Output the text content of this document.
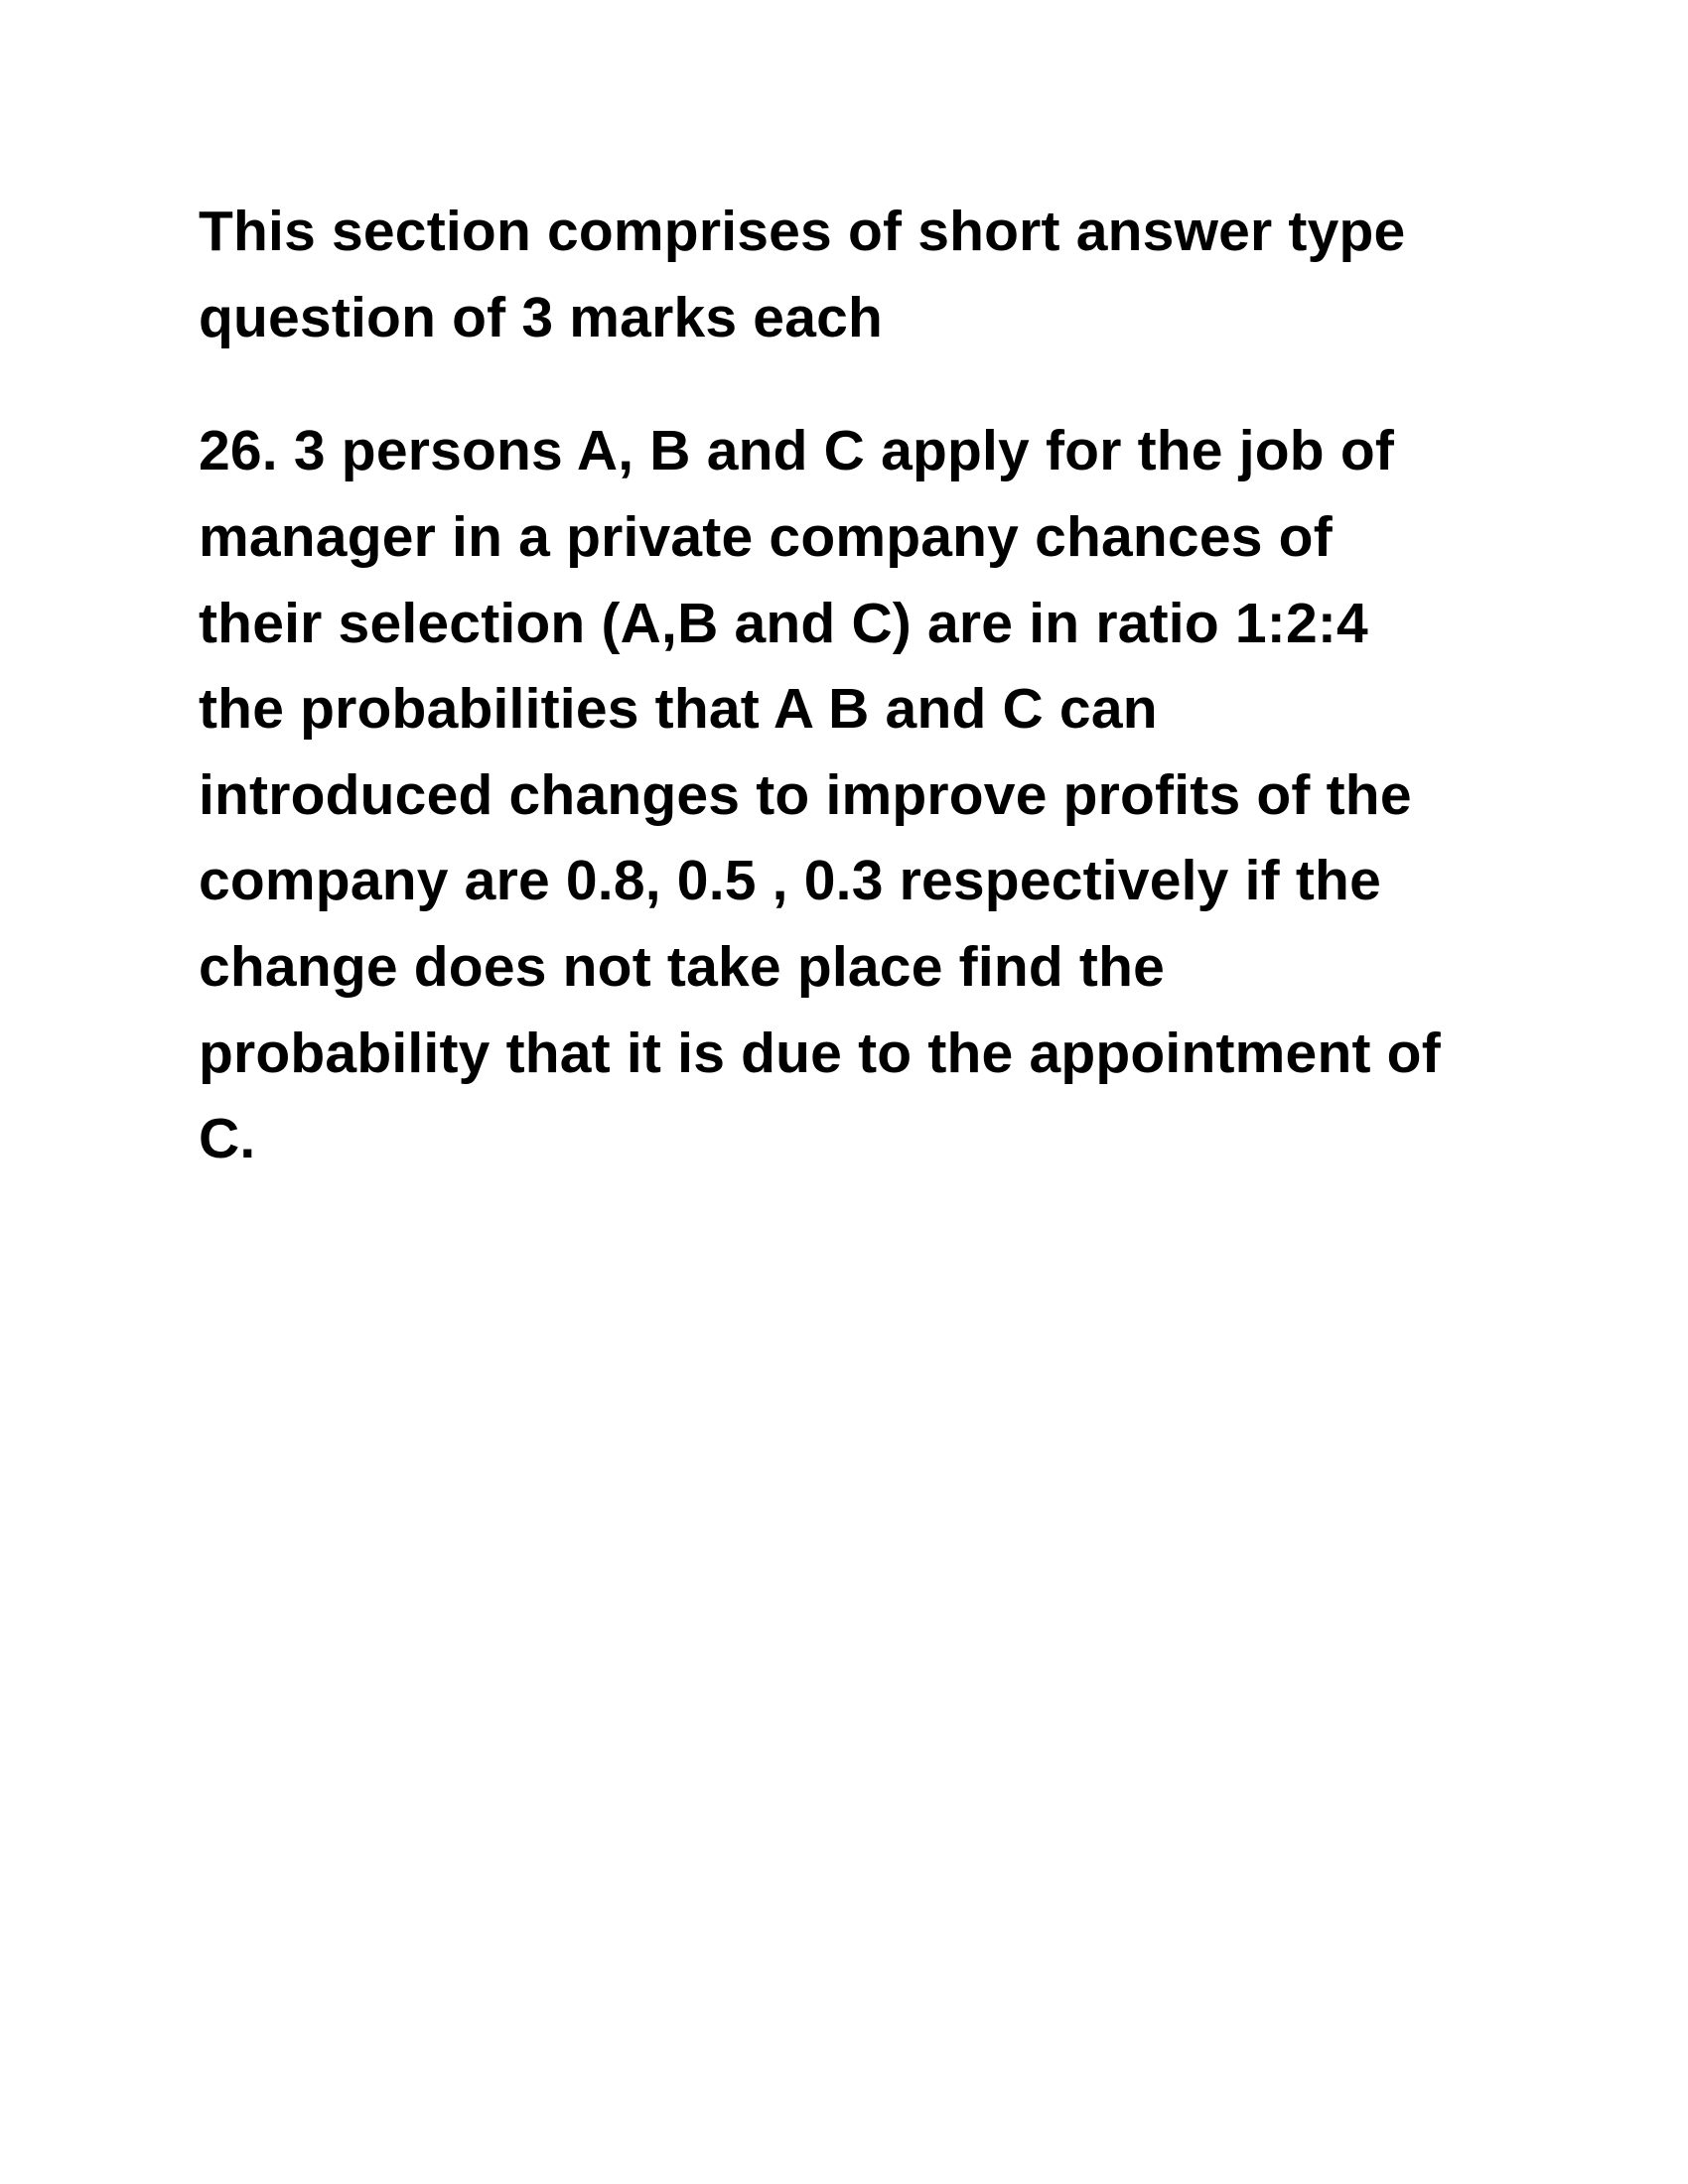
This section comprises of short answer type question of 3 marks each

26. 3 persons A, B and C apply for the job of manager in a private company chances of their selection (A,B and C) are in ratio 1:2:4 the probabilities that A B and C can introduced changes to improve profits of the company are 0.8, 0.5 , 0.3 respectively if the change does not take place find the probability that it is due to the appointment of C.
